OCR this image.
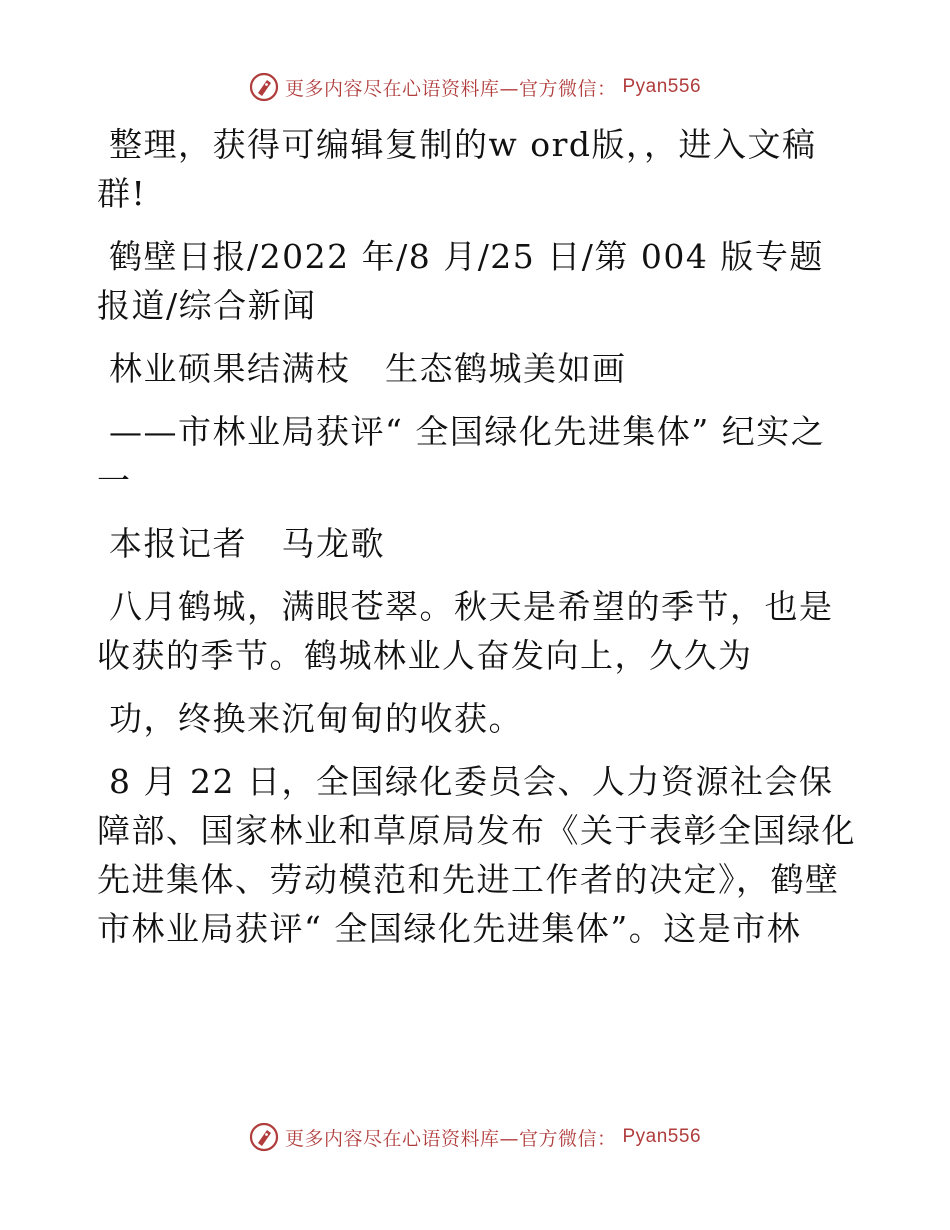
更多内容尽在心语资料库—官方微信： Pyan556

整理，获得可编辑复制的w ord版，，进入文稿群!

鹤壁日报/2022 年/8 月/25 日/第 004 版专题报道/综合新闻

林业硕果结满枝　生态鹤城美如画

——市林业局获评“ 全国绿化先进集体” 纪实之一

本报记者　马龙歌

八月鹤城，满眼苍翠。秋天是希望的季节，也是收获的季节。鹤城林业人奋发向上，久久为

功，终换来沉甸甸的收获。

8 月 22 日，全国绿化委员会、人力资源社会保障部、国家林业和草原局发布《关于表彰全国绿化先进集体、劳动模范和先进工作者的决定》，鹤壁市林业局获评“ 全国绿化先进集体”。这是市林

更多内容尽在心语资料库—官方微信： Pyan556
